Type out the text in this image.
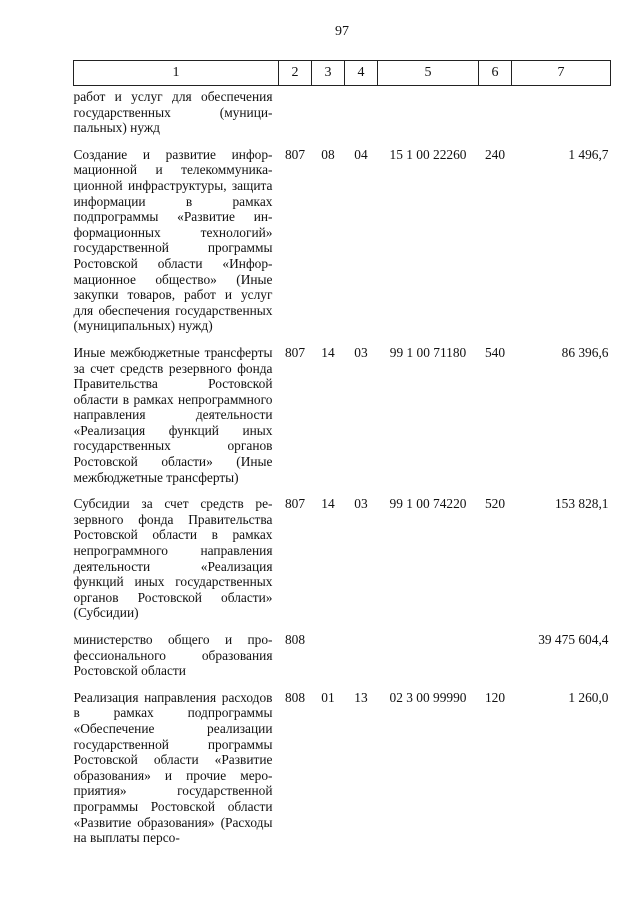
97
1	2	3	4	5	6	7
работ и услуг для обеспечения государственных (муниципальных) нужд						
Создание и развитие информационной и телекоммуникационной инфраструктуры, защита информации в рамках подпрограммы «Развитие информационных технологий» государственной программы Ростовской области «Информационное общество» (Иные закупки товаров, работ и услуг для обеспечения государственных (муниципальных) нужд)	807	08	04	15 1 00 22260	240	1 496,7
Иные межбюджетные трансферты за счет средств резервного фонда Правительства Ростовской области в рамках непрограммного направления деятельности «Реализация функций иных государственных органов Ростовской области» (Иные межбюджетные трансферты)	807	14	03	99 1 00 71180	540	86 396,6
Субсидии за счет средств резервного фонда Правительства Ростовской области в рамках непрограммного направления деятельности «Реализация функций иных государственных органов Ростовской области» (Субсидии)	807	14	03	99 1 00 74220	520	153 828,1
министерство общего и профессионального образования Ростовской области	808					39 475 604,4
Реализация направления расходов в рамках подпрограммы «Обеспечение реализации государственной программы Ростовской области «Развитие образования» и прочие мероприятия» государственной программы Ростовской области «Развитие образования» (Расходы на выплаты персо-	808	01	13	02 3 00 99990	120	1 260,0
